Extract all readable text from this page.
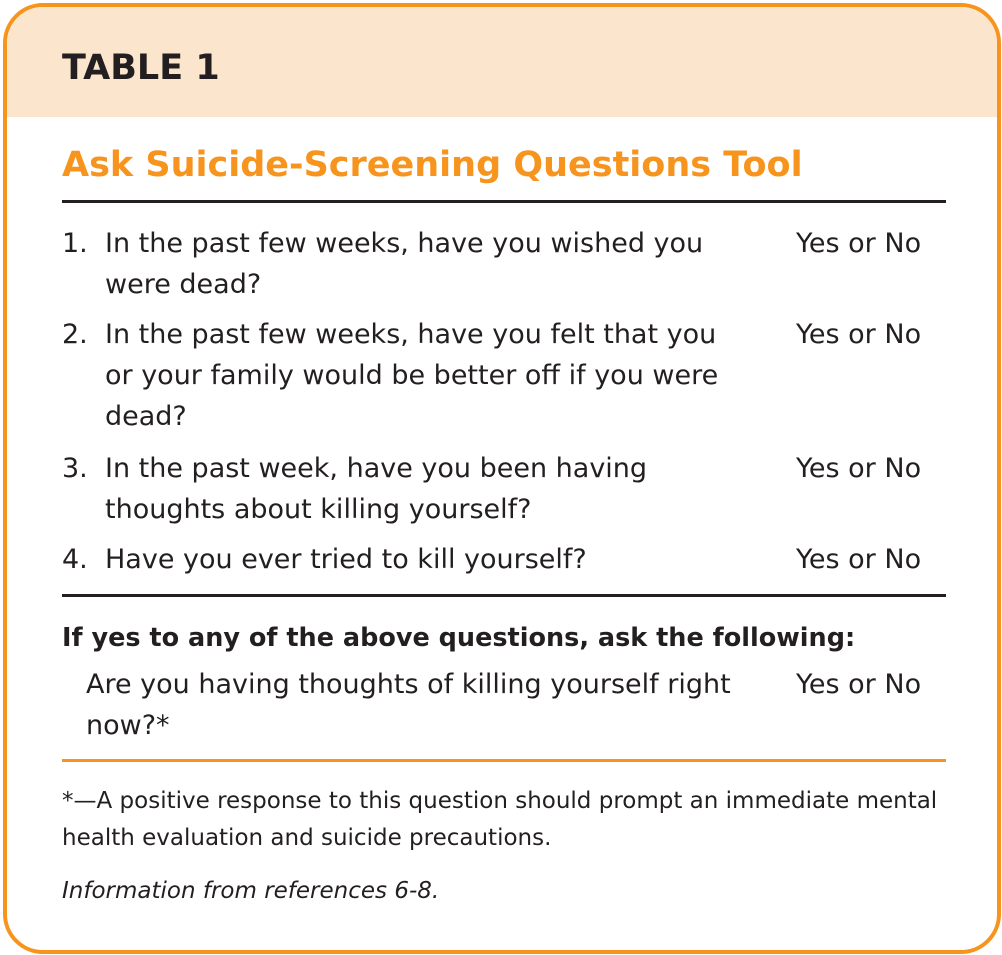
TABLE 1
Ask Suicide-Screening Questions Tool
1. In the past few weeks, have you wished you were dead?
Yes or No
2. In the past few weeks, have you felt that you or your family would be better off if you were dead?
Yes or No
3. In the past week, have you been having thoughts about killing yourself?
Yes or No
4. Have you ever tried to kill yourself?	Yes or No
If yes to any of the above questions, ask the following:
Are you having thoughts of killing yourself right now?*
Yes or No
*—A positive response to this question should prompt an immediate mental health evaluation and suicide precautions.
Information from references 6-8.
